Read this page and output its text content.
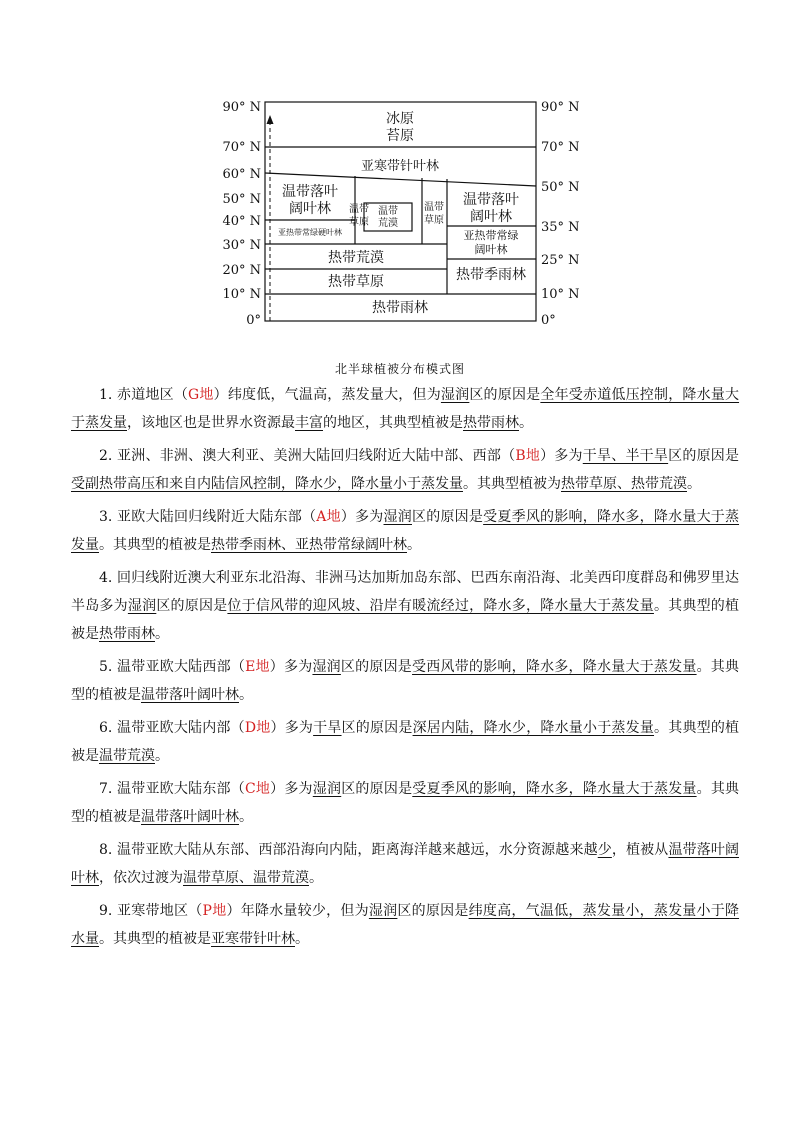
90° N
70° N
60° N
50° N
40° N
30° N
20° N
10° N
0°
90° N
70° N
50° N
35° N
25° N
10° N
0°
冰原
苔原
亚寒带针叶林
温带落叶
阔叶林
温带落叶
阔叶林
温带
草原
温带
草原
温带
荒漠
亚热带常绿硬叶林	亚热带常绿
阔叶林
热带荒漠
热带草原	热带季雨林
热带雨林
北半球植被分布模式图

1. 赤道地区（G地）纬度低，气温高，蒸发量大，但为湿润区的原因是全年受赤道低压控制，降水量大于蒸发量，该地区也是世界水资源最丰富的地区，其典型植被是热带雨林。

2. 亚洲、非洲、澳大利亚、美洲大陆回归线附近大陆中部、西部（B地）多为干旱、半干旱区的原因是受副热带高压和来自内陆信风控制，降水少，降水量小于蒸发量。其典型植被为热带草原、热带荒漠。

3. 亚欧大陆回归线附近大陆东部（A地）多为湿润区的原因是受夏季风的影响，降水多，降水量大于蒸发量。其典型的植被是热带季雨林、亚热带常绿阔叶林。

4. 回归线附近澳大利亚东北沿海、非洲马达加斯加岛东部、巴西东南沿海、北美西印度群岛和佛罗里达半岛多为湿润区的原因是位于信风带的迎风坡、沿岸有暖流经过，降水多，降水量大于蒸发量。其典型的植被是热带雨林。

5. 温带亚欧大陆西部（E地）多为湿润区的原因是受西风带的影响，降水多，降水量大于蒸发量。其典型的植被是温带落叶阔叶林。

6. 温带亚欧大陆内部（D地）多为干旱区的原因是深居内陆，降水少，降水量小于蒸发量。其典型的植被是温带荒漠。

7. 温带亚欧大陆东部（C地）多为湿润区的原因是受夏季风的影响，降水多，降水量大于蒸发量。其典型的植被是温带落叶阔叶林。

8. 温带亚欧大陆从东部、西部沿海向内陆，距离海洋越来越远，水分资源越来越少，植被从温带落叶阔叶林，依次过渡为温带草原、温带荒漠。

9. 亚寒带地区（P地）年降水量较少，但为湿润区的原因是纬度高，气温低，蒸发量小，蒸发量小于降水量。其典型的植被是亚寒带针叶林。
